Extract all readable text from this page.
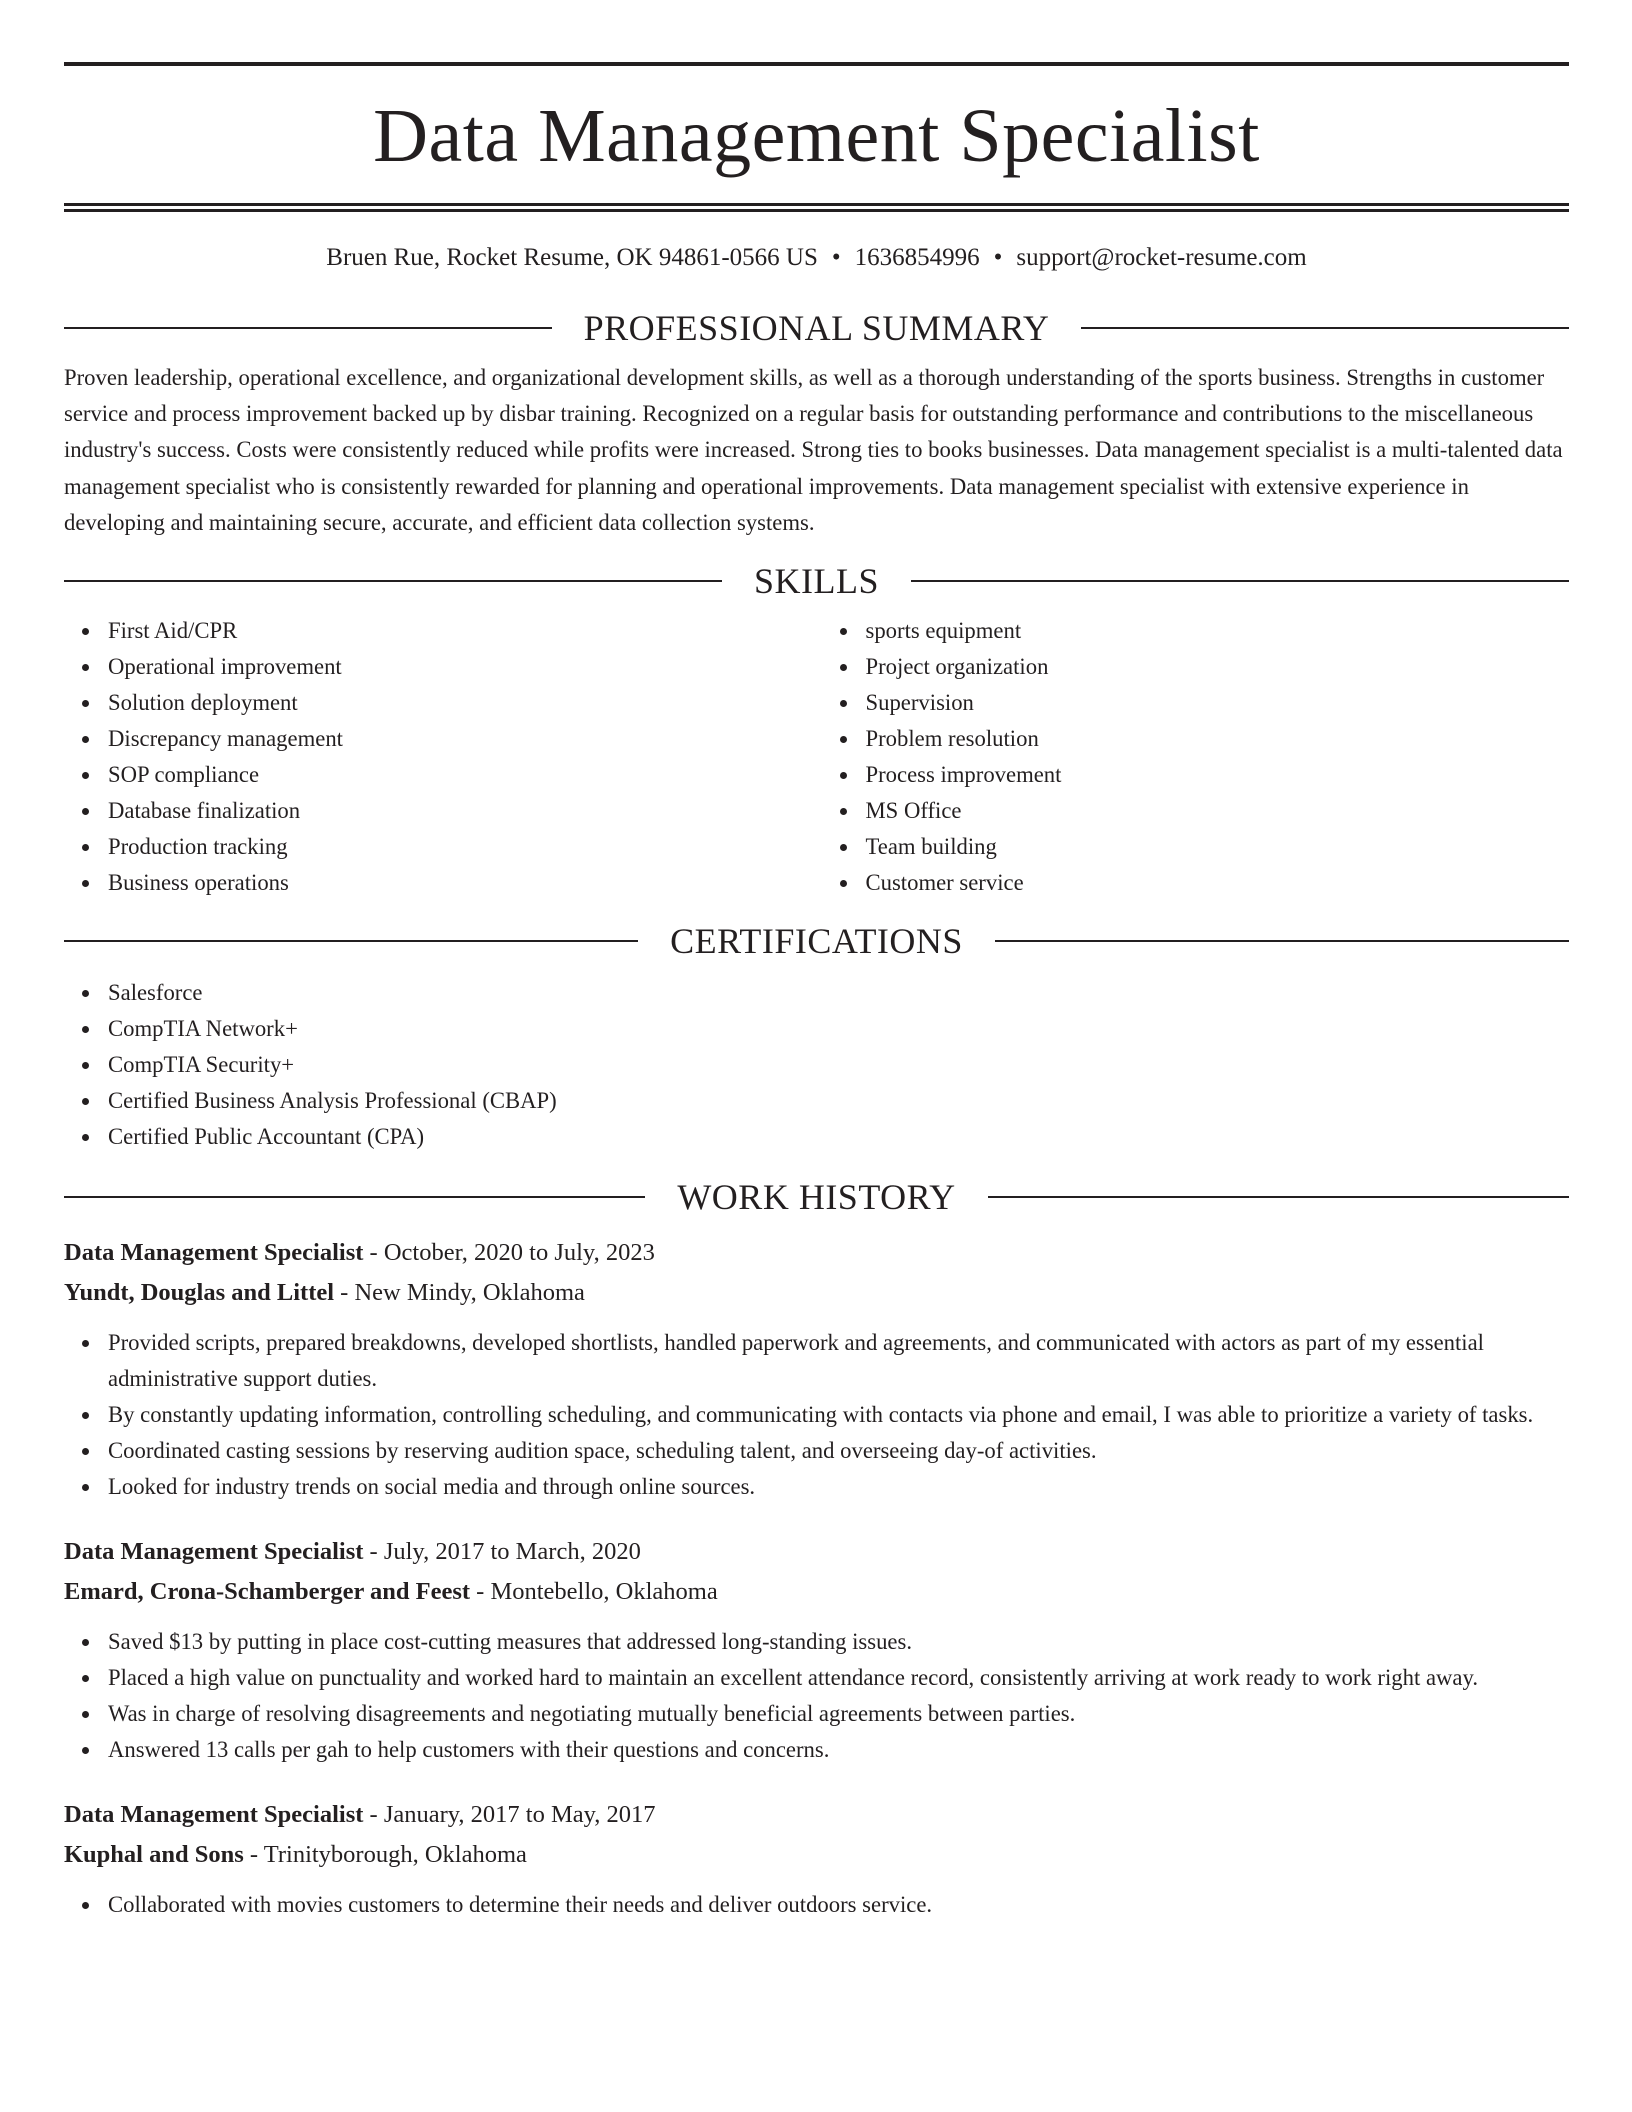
Data Management Specialist
Bruen Rue, Rocket Resume, OK 94861-0566 US • 1636854996 • support@rocket-resume.com
PROFESSIONAL SUMMARY

Proven leadership, operational excellence, and organizational development skills, as well as a thorough understanding of the sports business. Strengths in customer service and process improvement backed up by disbar training. Recognized on a regular basis for outstanding performance and contributions to the miscellaneous industry's success. Costs were consistently reduced while profits were increased. Strong ties to books businesses. Data management specialist is a multi-talented data management specialist who is consistently rewarded for planning and operational improvements. Data management specialist with extensive experience in developing and maintaining secure, accurate, and efficient data collection systems.

SKILLS
First Aid/CPR
Operational improvement
Solution deployment
Discrepancy management
SOP compliance
Database finalization
Production tracking
Business operations
sports equipment
Project organization
Supervision
Problem resolution
Process improvement
MS Office
Team building
Customer service
CERTIFICATIONS
Salesforce
CompTIA Network+
CompTIA Security+
Certified Business Analysis Professional (CBAP)
Certified Public Accountant (CPA)
WORK HISTORY
Data Management Specialist - October, 2020 to July, 2023
Yundt, Douglas and Littel - New Mindy, Oklahoma
Provided scripts, prepared breakdowns, developed shortlists, handled paperwork and agreements, and communicated with actors as part of my essential administrative support duties.
By constantly updating information, controlling scheduling, and communicating with contacts via phone and email, I was able to prioritize a variety of tasks.
Coordinated casting sessions by reserving audition space, scheduling talent, and overseeing day-of activities.
Looked for industry trends on social media and through online sources.
Data Management Specialist - July, 2017 to March, 2020
Emard, Crona-Schamberger and Feest - Montebello, Oklahoma
Saved $13 by putting in place cost-cutting measures that addressed long-standing issues.
Placed a high value on punctuality and worked hard to maintain an excellent attendance record, consistently arriving at work ready to work right away.
Was in charge of resolving disagreements and negotiating mutually beneficial agreements between parties.
Answered 13 calls per gah to help customers with their questions and concerns.
Data Management Specialist - January, 2017 to May, 2017
Kuphal and Sons - Trinityborough, Oklahoma
Collaborated with movies customers to determine their needs and deliver outdoors service.
